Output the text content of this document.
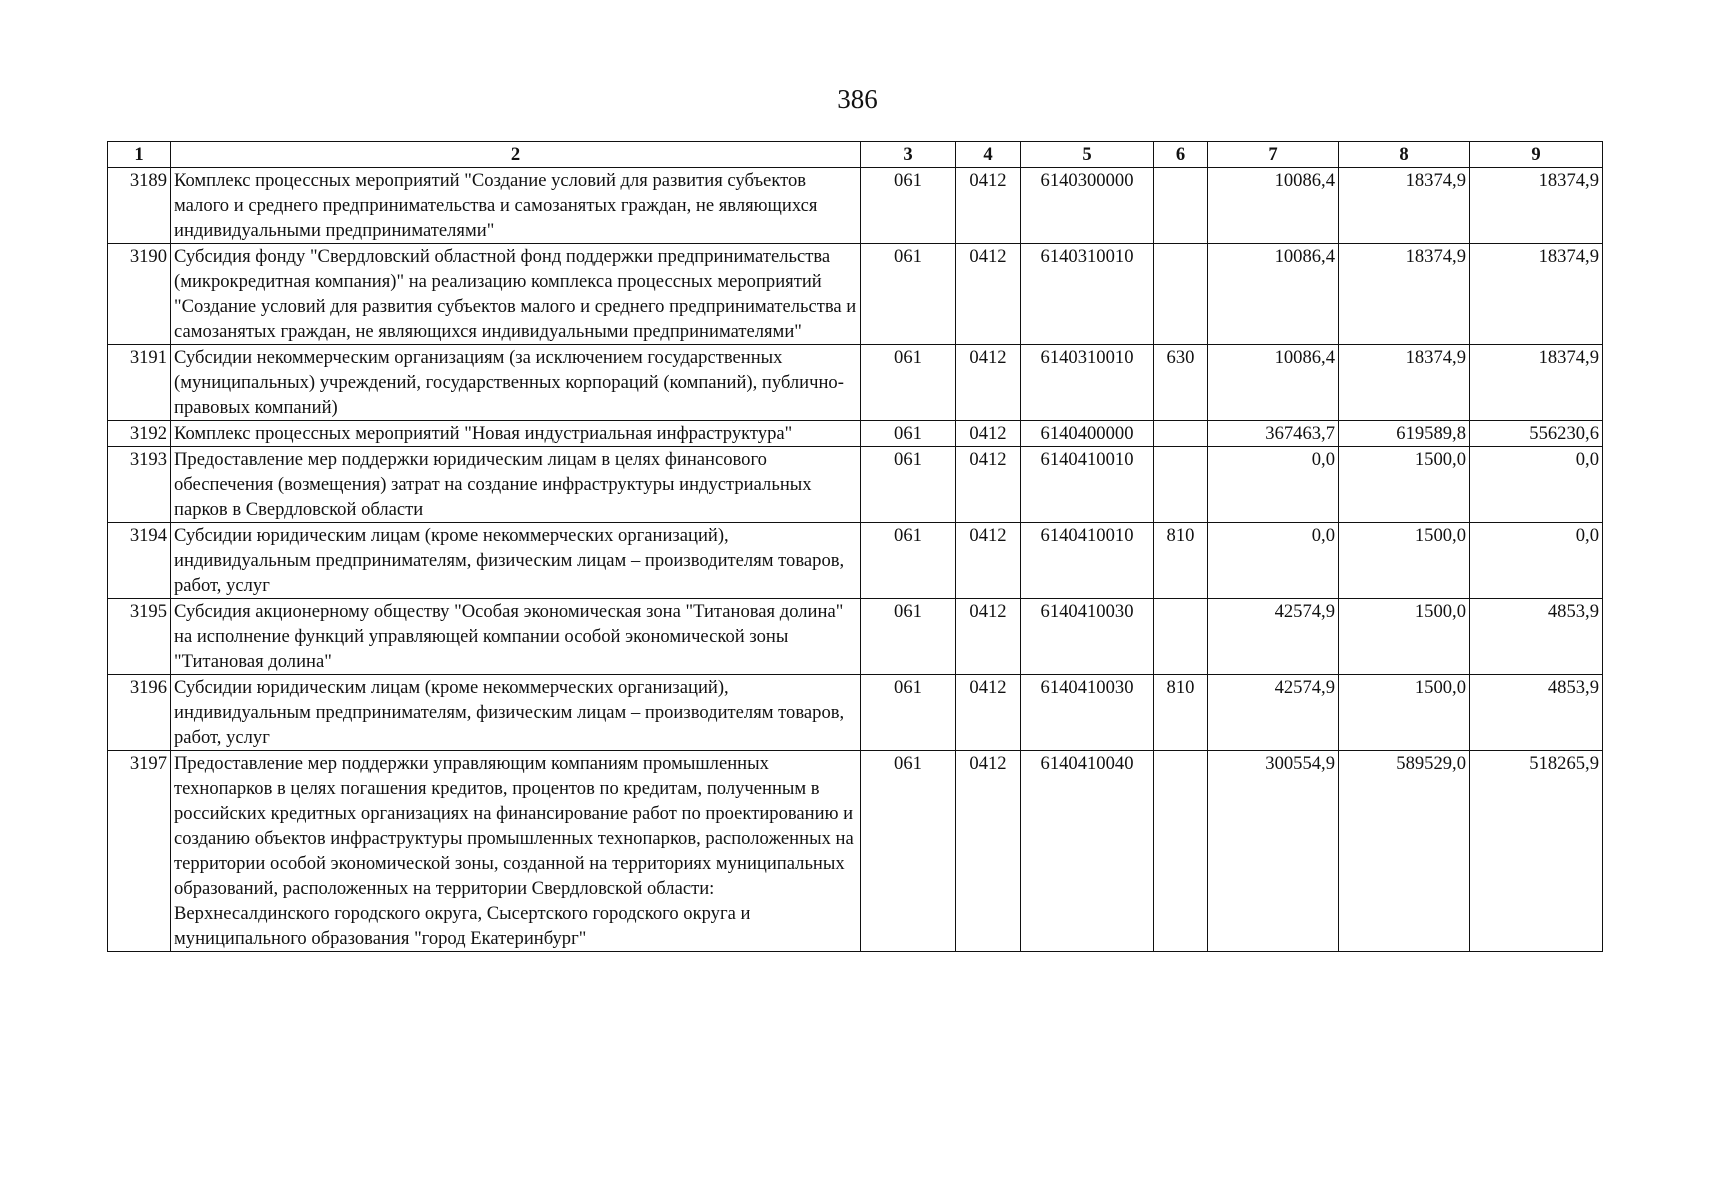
386
1	2	3	4	5	6	7	8	9
3189	Комплекс процессных мероприятий "Создание условий для развития субъектов малого и среднего предпринимательства и самозанятых граждан, не являющихся индивидуальными предпринимателями"	061	0412	6140300000		10086,4	18374,9	18374,9
3190	Субсидия фонду "Свердловский областной фонд поддержки предпринимательства (микрокредитная компания)" на реализацию комплекса процессных мероприятий "Создание условий для развития субъектов малого и среднего предпринимательства и самозанятых граждан, не являющихся индивидуальными предпринимателями"	061	0412	6140310010		10086,4	18374,9	18374,9
3191	Субсидии некоммерческим организациям (за исключением государственных (муниципальных) учреждений, государственных корпораций (компаний), публично-правовых компаний)	061	0412	6140310010	630	10086,4	18374,9	18374,9
3192	Комплекс процессных мероприятий "Новая индустриальная инфраструктура"	061	0412	6140400000		367463,7	619589,8	556230,6
3193	Предоставление мер поддержки юридическим лицам в целях финансового обеспечения (возмещения) затрат на создание инфраструктуры индустриальных парков в Свердловской области	061	0412	6140410010		0,0	1500,0	0,0
3194	Субсидии юридическим лицам (кроме некоммерческих организаций), индивидуальным предпринимателям, физическим лицам – производителям товаров, работ, услуг	061	0412	6140410010	810	0,0	1500,0	0,0
3195	Субсидия акционерному обществу "Особая экономическая зона "Титановая долина" на исполнение функций управляющей компании особой экономической зоны "Титановая долина"	061	0412	6140410030		42574,9	1500,0	4853,9
3196	Субсидии юридическим лицам (кроме некоммерческих организаций), индивидуальным предпринимателям, физическим лицам – производителям товаров, работ, услуг	061	0412	6140410030	810	42574,9	1500,0	4853,9
3197	Предоставление мер поддержки управляющим компаниям промышленных технопарков в целях погашения кредитов, процентов по кредитам, полученным в российских кредитных организациях на финансирование работ по проектированию и созданию объектов инфраструктуры промышленных технопарков, расположенных на территории особой экономической зоны, созданной на территориях муниципальных образований, расположенных на территории Свердловской области: Верхнесалдинского городского округа, Сысертского городского округа и муниципального образования "город Екатеринбург"	061	0412	6140410040		300554,9	589529,0	518265,9
